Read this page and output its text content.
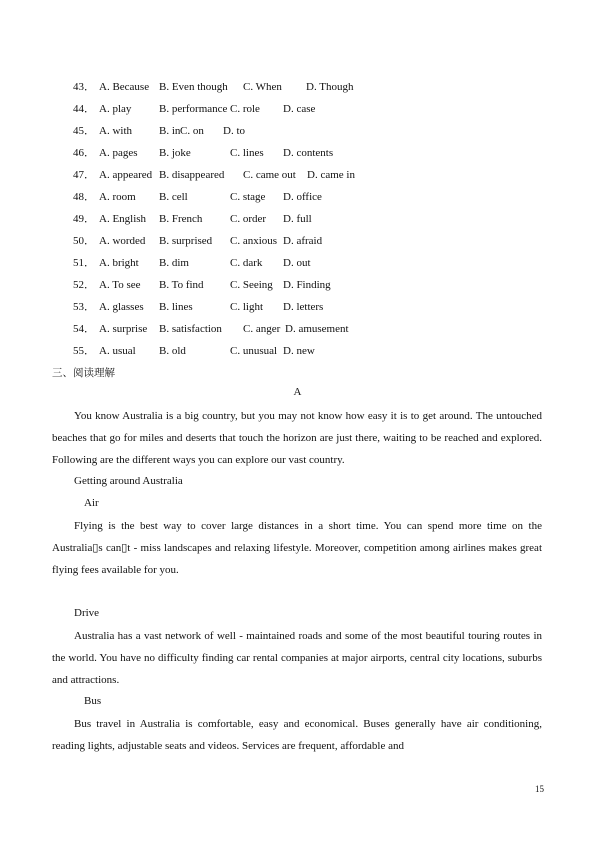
43． A. Because B. Even though C. When D. Though
44． A. play	B. performance C. role D. case
45． A. with B. in C. on D. to
46． A. pages B. joke	C. lines D. contents
47． A. appeared B. disappeared C. came out D. came in
48． A. room B. cell	C. stage D. office
49． A. English B. French	C. order D. full
50． A. worded B. surprised C. anxious D. afraid
51． A. bright B. dim	C. dark D. out
52． A. To see B. To find C. Seeing D. Finding
53． A. glasses B. lines	C. light D. letters
54． A. surprise B. satisfaction C. anger D. amusement
55． A. usual B. old	C. unusual D. new
三、阅读理解
A

You know Australia is a big country, but you may not know how easy it is to get around. The untouched beaches that go for miles and deserts that touch the horizon are just there, waiting to be reached and explored. Following are the different ways you can explore our vast country.

Getting around Australia
Air

Flying is the best way to cover large distances in a short time. You can spend more time on the Australia▯s can▯t - miss landscapes and relaxing lifestyle. Moreover, competition among airlines makes great flying fees available for you.

Drive

Australia has a vast network of well - maintained roads and some of the most beautiful touring routes in the world. You have no difficulty finding car rental companies at major airports, central city locations, suburbs and attractions.

Bus

Bus travel in Australia is comfortable, easy and economical. Buses generally have air conditioning, reading lights, adjustable seats and videos. Services are frequent, affordable and

15
